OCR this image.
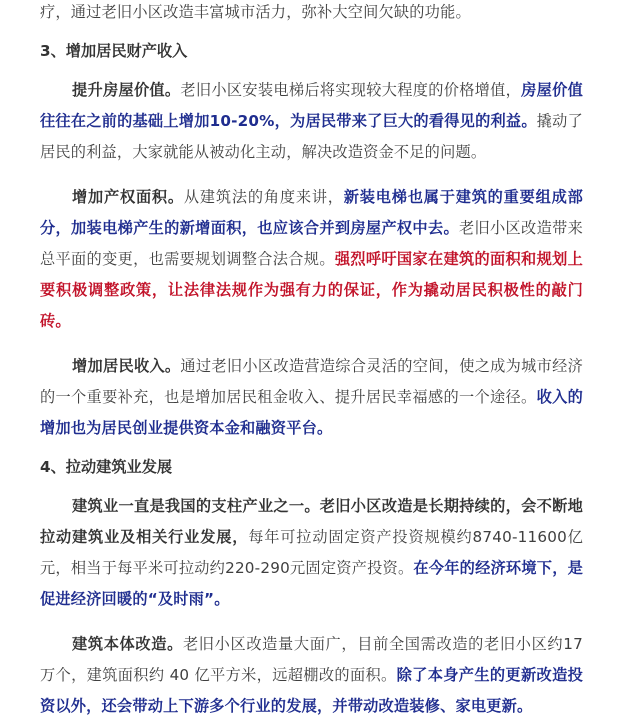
疗，通过老旧小区改造丰富城市活力，弥补大空间欠缺的功能。

3、增加居民财产收入

提升房屋价值。老旧小区安装电梯后将实现较大程度的价格增值，房屋价值往往在之前的基础上增加10-20%，为居民带来了巨大的看得见的利益。撬动了居民的利益，大家就能从被动化主动，解决改造资金不足的问题。

增加产权面积。从建筑法的角度来讲，新装电梯也属于建筑的重要组成部分，加装电梯产生的新增面积，也应该合并到房屋产权中去。老旧小区改造带来总平面的变更，也需要规划调整合法合规。强烈呼吁国家在建筑的面积和规划上要积极调整政策，让法律法规作为强有力的保证，作为撬动居民积极性的敲门砖。

增加居民收入。通过老旧小区改造营造综合灵活的空间，使之成为城市经济的一个重要补充，也是增加居民租金收入、提升居民幸福感的一个途径。收入的增加也为居民创业提供资本金和融资平台。

4、拉动建筑业发展

建筑业一直是我国的支柱产业之一。老旧小区改造是长期持续的，会不断地拉动建筑业及相关行业发展，每年可拉动固定资产投资规模约8740-11600亿元，相当于每平米可拉动约220-290元固定资产投资。在今年的经济环境下，是促进经济回暖的“及时雨”。

建筑本体改造。老旧小区改造量大面广，目前全国需改造的老旧小区约17万个，建筑面积约 40 亿平方米，远超棚改的面积。除了本身产生的更新改造投资以外，还会带动上下游多个行业的发展，并带动改造装修、家电更新。
